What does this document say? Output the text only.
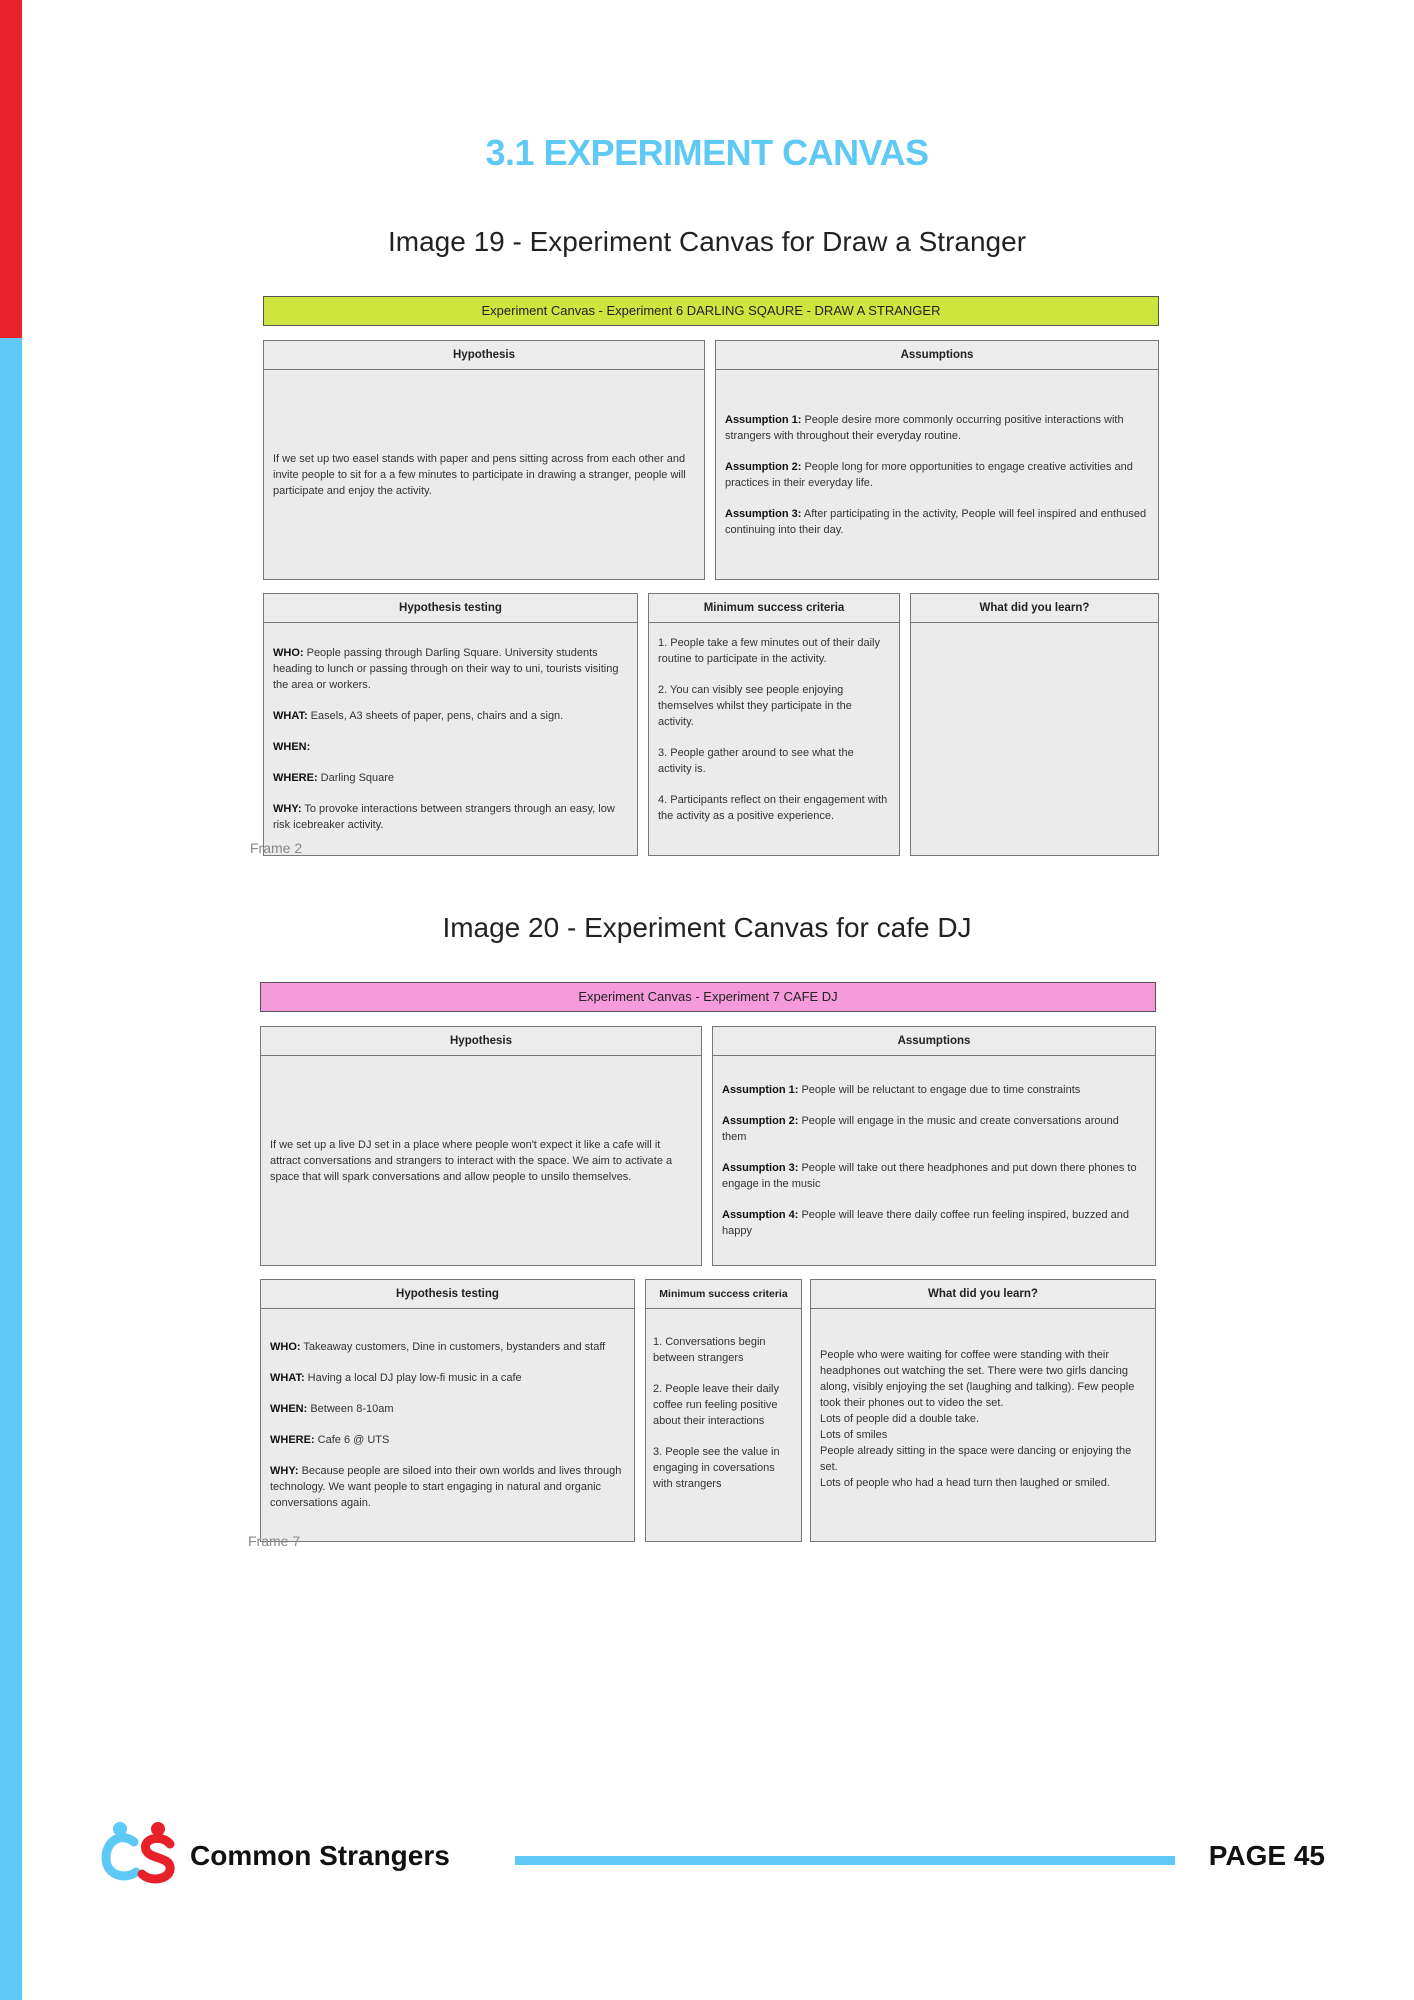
3.1 EXPERIMENT CANVAS
Image 19 - Experiment Canvas for Draw a Stranger
Experiment Canvas - Experiment 6 DARLING SQAURE - DRAW A STRANGER
Hypothesis

If we set up two easel stands with paper and pens sitting across from each other and invite people to sit for a a few minutes to participate in drawing a stranger, people will participate and enjoy the activity.

Assumptions

Assumption 1: People desire more commonly occurring positive interactions with strangers with throughout their everyday routine.

Assumption 2: People long for more opportunities to engage creative activities and practices in their everyday life.

Assumption 3: After participating in the activity, People will feel inspired and enthused continuing into their day.

Hypothesis testing

WHO: People passing through Darling Square. University students heading to lunch or passing through on their way to uni, tourists visiting the area or workers.

WHAT: Easels, A3 sheets of paper, pens, chairs and a sign.

WHEN:

WHERE: Darling Square

WHY: To provoke interactions between strangers through an easy, low risk icebreaker activity.

Minimum success criteria

1. People take a few minutes out of their daily routine to participate in the activity.

2. You can visibly see people enjoying themselves whilst they participate in the activity.

3. People gather around to see what the activity is.

4. Participants reflect on their engagement with the activity as a positive experience.

What did you learn?
Frame 2
Image 20 - Experiment Canvas for cafe DJ
Experiment Canvas - Experiment 7 CAFE DJ
Hypothesis

If we set up a live DJ set in a place where people won't expect it like a cafe will it attract conversations and strangers to interact with the space. We aim to activate a space that will spark conversations and allow people to unsilo themselves.

Assumptions

Assumption 1: People will be reluctant to engage due to time constraints

Assumption 2: People will engage in the music and create conversations around them

Assumption 3: People will take out there headphones and put down there phones to engage in the music

Assumption 4: People will leave there daily coffee run feeling inspired, buzzed and happy

Hypothesis testing

WHO: Takeaway customers, Dine in customers, bystanders and staff

WHAT: Having a local DJ play low-fi music in a cafe

WHEN: Between 8-10am

WHERE: Cafe 6 @ UTS

WHY: Because people are siloed into their own worlds and lives through technology. We want people to start engaging in natural and organic conversations again.

Minimum success criteria

1. Conversations begin between strangers

2. People leave their daily coffee run feeling positive about their interactions

3. People see the value in engaging in coversations with strangers

What did you learn?

People who were waiting for coffee were standing with their headphones out watching the set. There were two girls dancing along, visibly enjoying the set (laughing and talking). Few people took their phones out to video the set.
Lots of people did a double take.
Lots of smiles
People already sitting in the space were dancing or enjoying the set.
Lots of people who had a head turn then laughed or smiled.

Frame 7
Common Strangers	PAGE 45
